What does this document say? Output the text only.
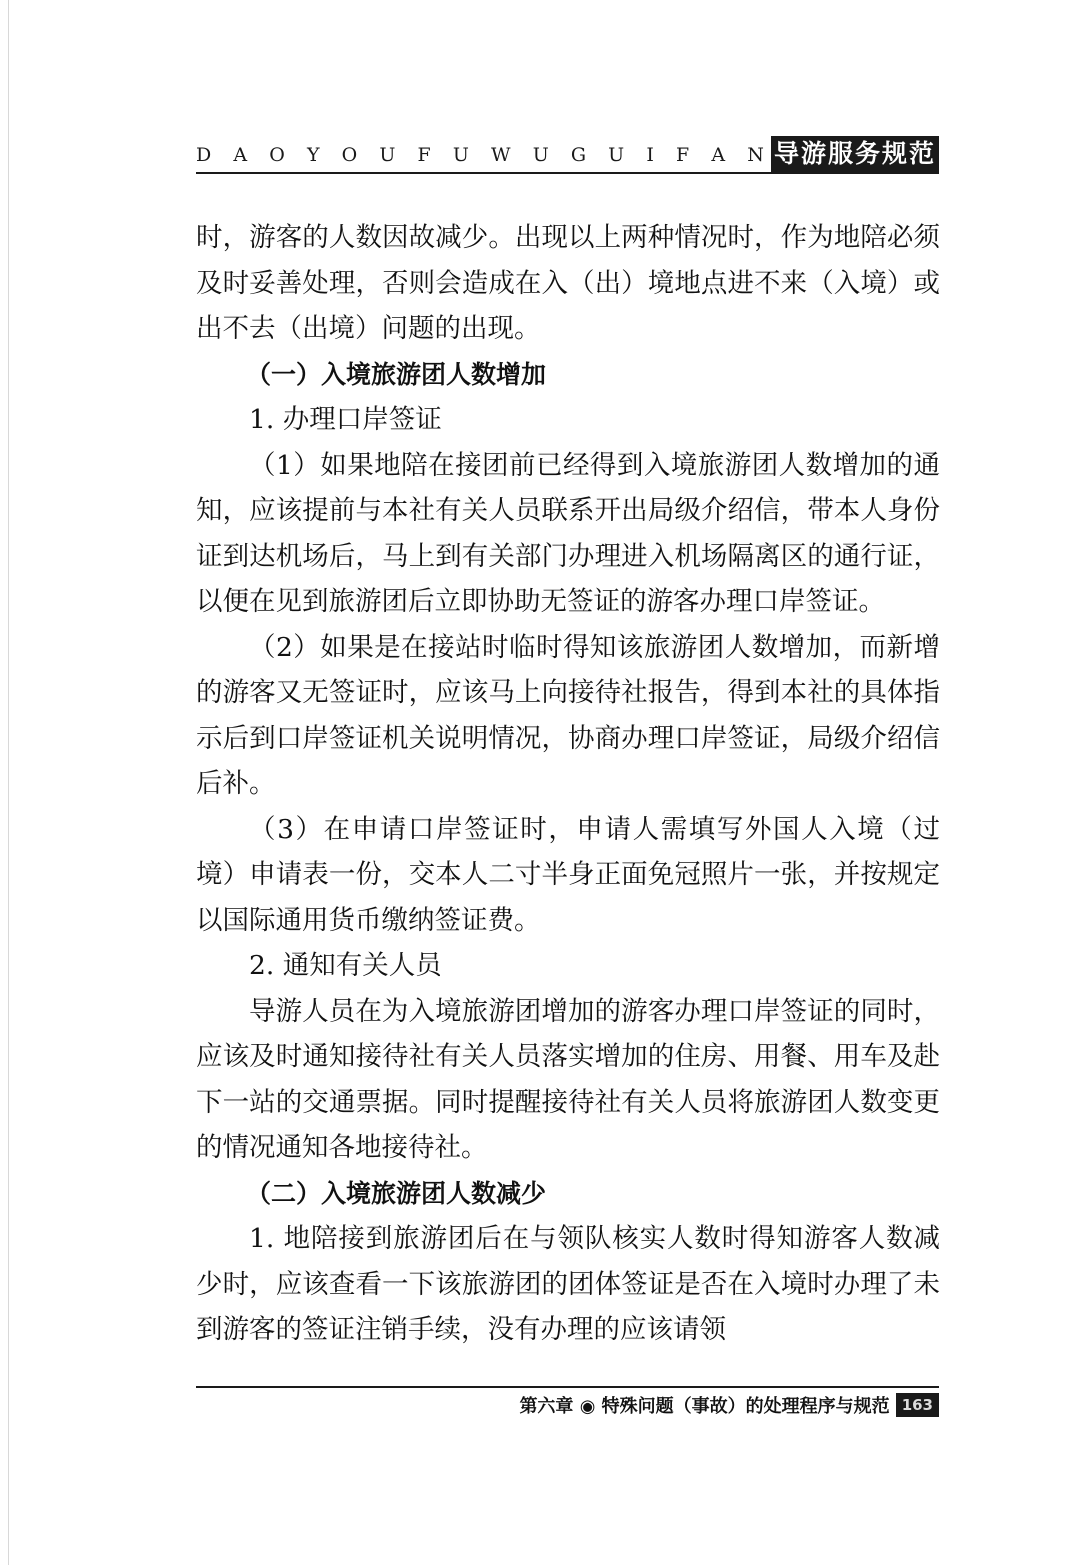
D A O Y O U F U W U G U I F A N 导游服务规范

时，游客的人数因故减少。出现以上两种情况时，作为地陪必须及时妥善处理，否则会造成在入（出）境地点进不来（入境）或出不去（出境）问题的出现。

（一）入境旅游团人数增加

1. 办理口岸签证

（1）如果地陪在接团前已经得到入境旅游团人数增加的通知，应该提前与本社有关人员联系开出局级介绍信，带本人身份证到达机场后，马上到有关部门办理进入机场隔离区的通行证，以便在见到旅游团后立即协助无签证的游客办理口岸签证。

（2）如果是在接站时临时得知该旅游团人数增加，而新增的游客又无签证时，应该马上向接待社报告，得到本社的具体指示后到口岸签证机关说明情况，协商办理口岸签证，局级介绍信后补。

（3）在申请口岸签证时，申请人需填写外国人入境（过境）申请表一份，交本人二寸半身正面免冠照片一张，并按规定以国际通用货币缴纳签证费。

2. 通知有关人员

导游人员在为入境旅游团增加的游客办理口岸签证的同时，应该及时通知接待社有关人员落实增加的住房、用餐、用车及赴下一站的交通票据。同时提醒接待社有关人员将旅游团人数变更的情况通知各地接待社。

（二）入境旅游团人数减少

1. 地陪接到旅游团后在与领队核实人数时得知游客人数减少时，应该查看一下该旅游团的团体签证是否在入境时办理了未到游客的签证注销手续，没有办理的应该请领

第六章 ◉ 特殊问题（事故）的处理程序与规范 163
